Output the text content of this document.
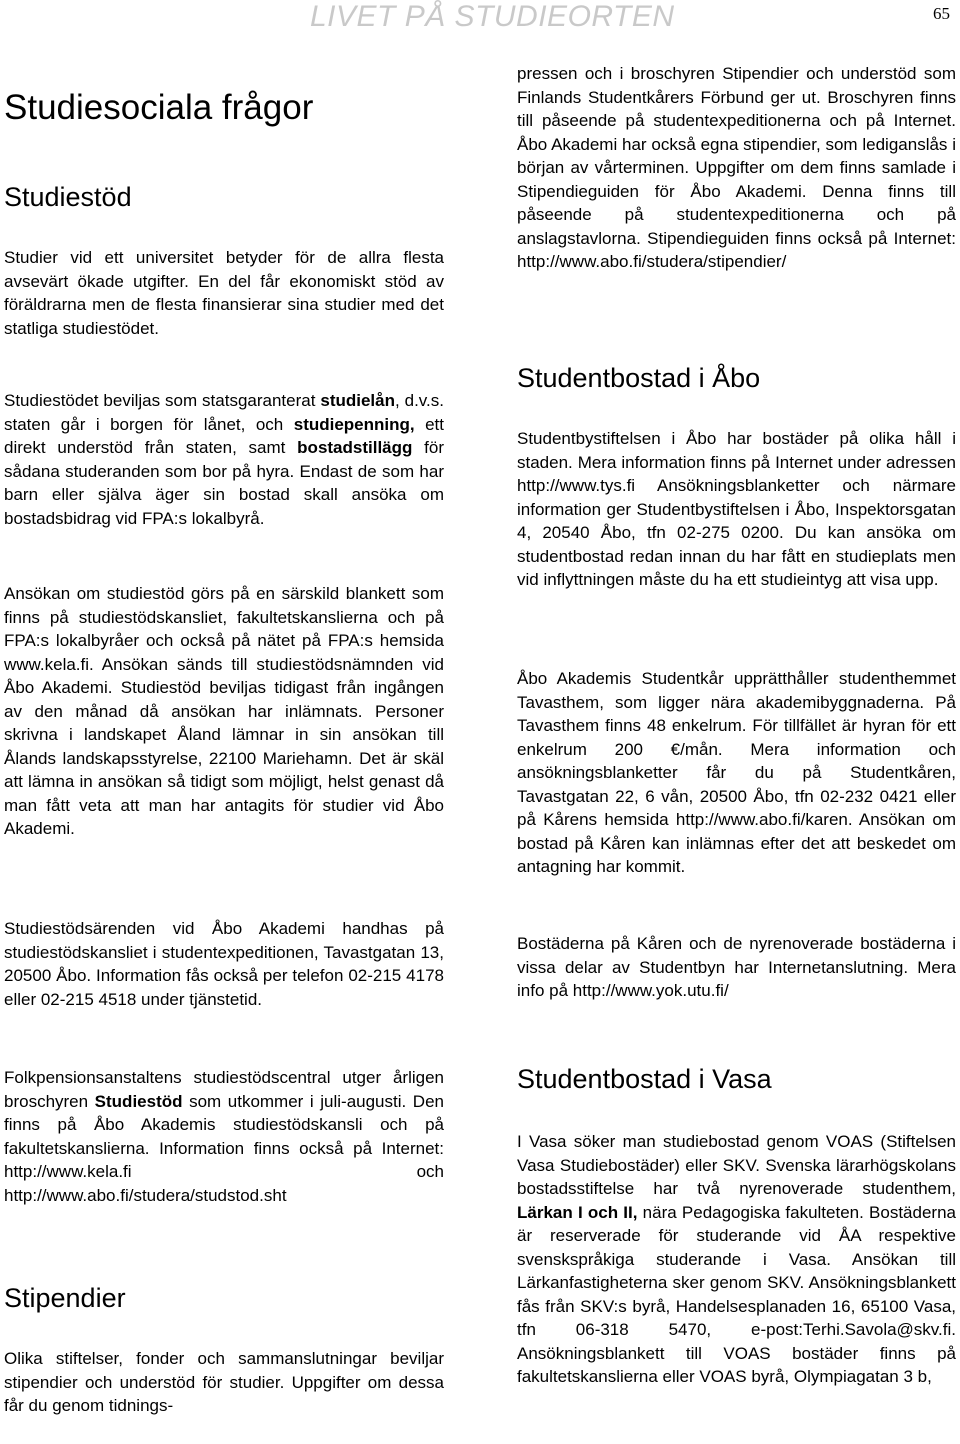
LIVET PÅ STUDIEORTEN	65
Studiesociala frågor
Studiestöd

Studier vid ett universitet betyder för de allra flesta avsevärt ökade utgifter. En del får ekonomiskt stöd av föräldrarna men de flesta finansierar sina studier med det statliga studiestödet.

Studiestödet beviljas som statsgaranterat studielån, d.v.s. staten går i borgen för lånet, och studiepenning, ett direkt understöd från staten, samt bostadstillägg för sådana studeranden som bor på hyra. Endast de som har barn eller själva äger sin bostad skall ansöka om bostadsbidrag vid FPA:s lokalbyrå.

Ansökan om studiestöd görs på en särskild blankett som finns på studiestödskansliet, fakultetskanslierna och på FPA:s lokalbyråer och också på nätet på FPA:s hemsida www.kela.fi. Ansökan sänds till studiestödsnämnden vid Åbo Akademi. Studiestöd beviljas tidigast från ingången av den månad då ansökan har inlämnats. Personer skrivna i landskapet Åland lämnar in sin ansökan till Ålands landskapsstyrelse, 22100 Mariehamn. Det är skäl att lämna in ansökan så tidigt som möjligt, helst genast då man fått veta att man har antagits för studier vid Åbo Akademi.

Studiestödsärenden vid Åbo Akademi handhas på studiestödskansliet i studentexpeditionen, Tavastgatan 13, 20500 Åbo. Information fås också per telefon 02-215 4178 eller 02-215 4518 under tjänstetid.

Folkpensionsanstaltens studiestödscentral utger årligen broschyren Studiestöd som utkommer i juli-augusti. Den finns på Åbo Akademis studiestödskansli och på fakultetskanslierna. Information finns också på Internet: http://www.kela.fi och http://www.abo.fi/studera/studstod.sht

Stipendier

Olika stiftelser, fonder och sammanslutningar beviljar stipendier och understöd för studier. Uppgifter om dessa får du genom tidnings-

pressen och i broschyren Stipendier och understöd som Finlands Studentkårers Förbund ger ut. Broschyren finns till påseende på studentexpeditionerna och på Internet. Åbo Akademi har också egna stipendier, som lediganslås i början av vårterminen. Uppgifter om dem finns samlade i Stipendieguiden för Åbo Akademi. Denna finns till påseende på studentexpeditionerna och på anslagstavlorna. Stipendieguiden finns också på Internet: http://www.abo.fi/studera/stipendier/

Studentbostad i Åbo

Studentbystiftelsen i Åbo har bostäder på olika håll i staden. Mera information finns på Internet under adressen http://www.tys.fi Ansökningsblanketter och närmare information ger Studentbystiftelsen i Åbo, Inspektorsgatan 4, 20540 Åbo, tfn 02-275 0200. Du kan ansöka om studentbostad redan innan du har fått en studieplats men vid inflyttningen måste du ha ett studieintyg att visa upp.

Åbo Akademis Studentkår upprätthåller studenthemmet Tavasthem, som ligger nära akademibyggnaderna. På Tavasthem finns 48 enkelrum. För tillfället är hyran för ett enkelrum 200 €/mån. Mera information och ansökningsblanketter får du på Studentkåren, Tavastgatan 22, 6 vån, 20500 Åbo, tfn 02-232 0421 eller på Kårens hemsida http://www.abo.fi/karen. Ansökan om bostad på Kåren kan inlämnas efter det att beskedet om antagning har kommit.

Bostäderna på Kåren och de nyrenoverade bostäderna i vissa delar av Studentbyn har Internetanslutning. Mera info på http://www.yok.utu.fi/

Studentbostad i Vasa

I Vasa söker man studiebostad genom VOAS (Stiftelsen Vasa Studiebostäder) eller SKV. Svenska lärarhögskolans bostadsstiftelse har två nyrenoverade studenthem, Lärkan I och II, nära Pedagogiska fakulteten. Bostäderna är reserverade för studerande vid ÅA respektive svenskspråkiga studerande i Vasa. Ansökan till Lärkanfastigheterna sker genom SKV. Ansökningsblankett fås från SKV:s byrå, Handelsesplanaden 16, 65100 Vasa, tfn 06-318 5470, e-post:Terhi.Savola@skv.fi. Ansökningsblankett till VOAS bostäder finns på fakultetskanslierna eller VOAS byrå, Olympiagatan 3 b,
